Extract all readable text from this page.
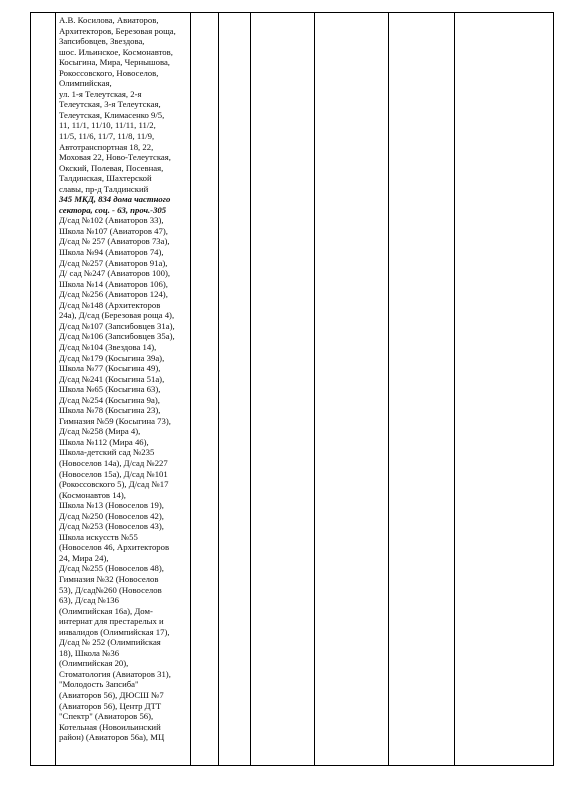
А.В. Косилова, Авиаторов,
Архитекторов, Березовая роща,
Запсибовцев, Звездова,
шос. Ильинское, Космонавтов,
Косыгина, Мира, Чернышова,
Рокоссовского, Новоселов,
Олимпийская,
ул. 1-я Телеутская, 2-я
Телеутская, 3-я Телеутская,
Телеутская, Климасенко 9/5,
11, 11/1, 11/10, 11/11, 11/2,
11/5, 11/6, 11/7, 11/8, 11/9,
Автотранспортная 18, 22,
Моховая 22, Ново-Телеутская,
Окский, Полевая, Посевная,
Талдинская, Шахтерской
славы, пр-д Талдинский
345 МКД, 834 дома частного
сектора, соц. - 63, проч.-305
Д/сад №102 (Авиаторов 33),
Школа №107 (Авиаторов 47),
Д/сад № 257 (Авиаторов 73а),
Школа №94 (Авиаторов 74),
Д/сад №257 (Авиаторов 91а),
Д/ сад №247 (Авиаторов 100),
Школа №14 (Авиаторов 106),
Д/сад №256 (Авиаторов 124),
Д/сад №148 (Архитекторов
24а), Д/сад (Березовая роща 4),
Д/сад №107 (Запсибовцев 31а),
Д/сад №106 (Запсибовцев 35а),
Д/сад №104 (Звездова 14),
Д/сад №179 (Косыгина 39а),
Школа №77 (Косыгина 49),
Д/сад №241 (Косыгина 51а),
Школа №65 (Косыгина 63),
Д/сад №254 (Косыгина 9а),
Школа №78 (Косыгина 23),
Гимназия №59 (Косыгина 73),
Д/сад №258 (Мира 4),
Школа №112 (Мира 46),
Школа-детский сад №235
(Новоселов 14а), Д/сад №227
(Новоселов 15а), Д/сад №101
(Рокоссовского 5), Д/сад №17
(Космонавтов 14),
Школа №13 (Новоселов 19),
Д/сад №250 (Новоселов 42),
Д/сад №253 (Новоселов 43),
Школа искусств №55
(Новоселов 46, Архитекторов
24, Мира 24),
Д/сад №255 (Новоселов 48),
Гимназия №32 (Новоселов
53), Д/сад№260 (Новоселов
63), Д/сад №136
(Олимпийская 16а), Дом-
интернат для престарелых и
инвалидов (Олимпийская 17),
Д/сад № 252 (Олимпийская
18), Школа №36
(Олимпийская 20),
Стоматология (Авиаторов 31),
"Молодость Запсиба"
(Авиаторов 56), ДЮСШ №7
(Авиаторов 56), Центр ДТТ
"Спектр" (Авиаторов 56),
Котельная (Новоильинский
район) (Авиаторов 56а), МЦ
